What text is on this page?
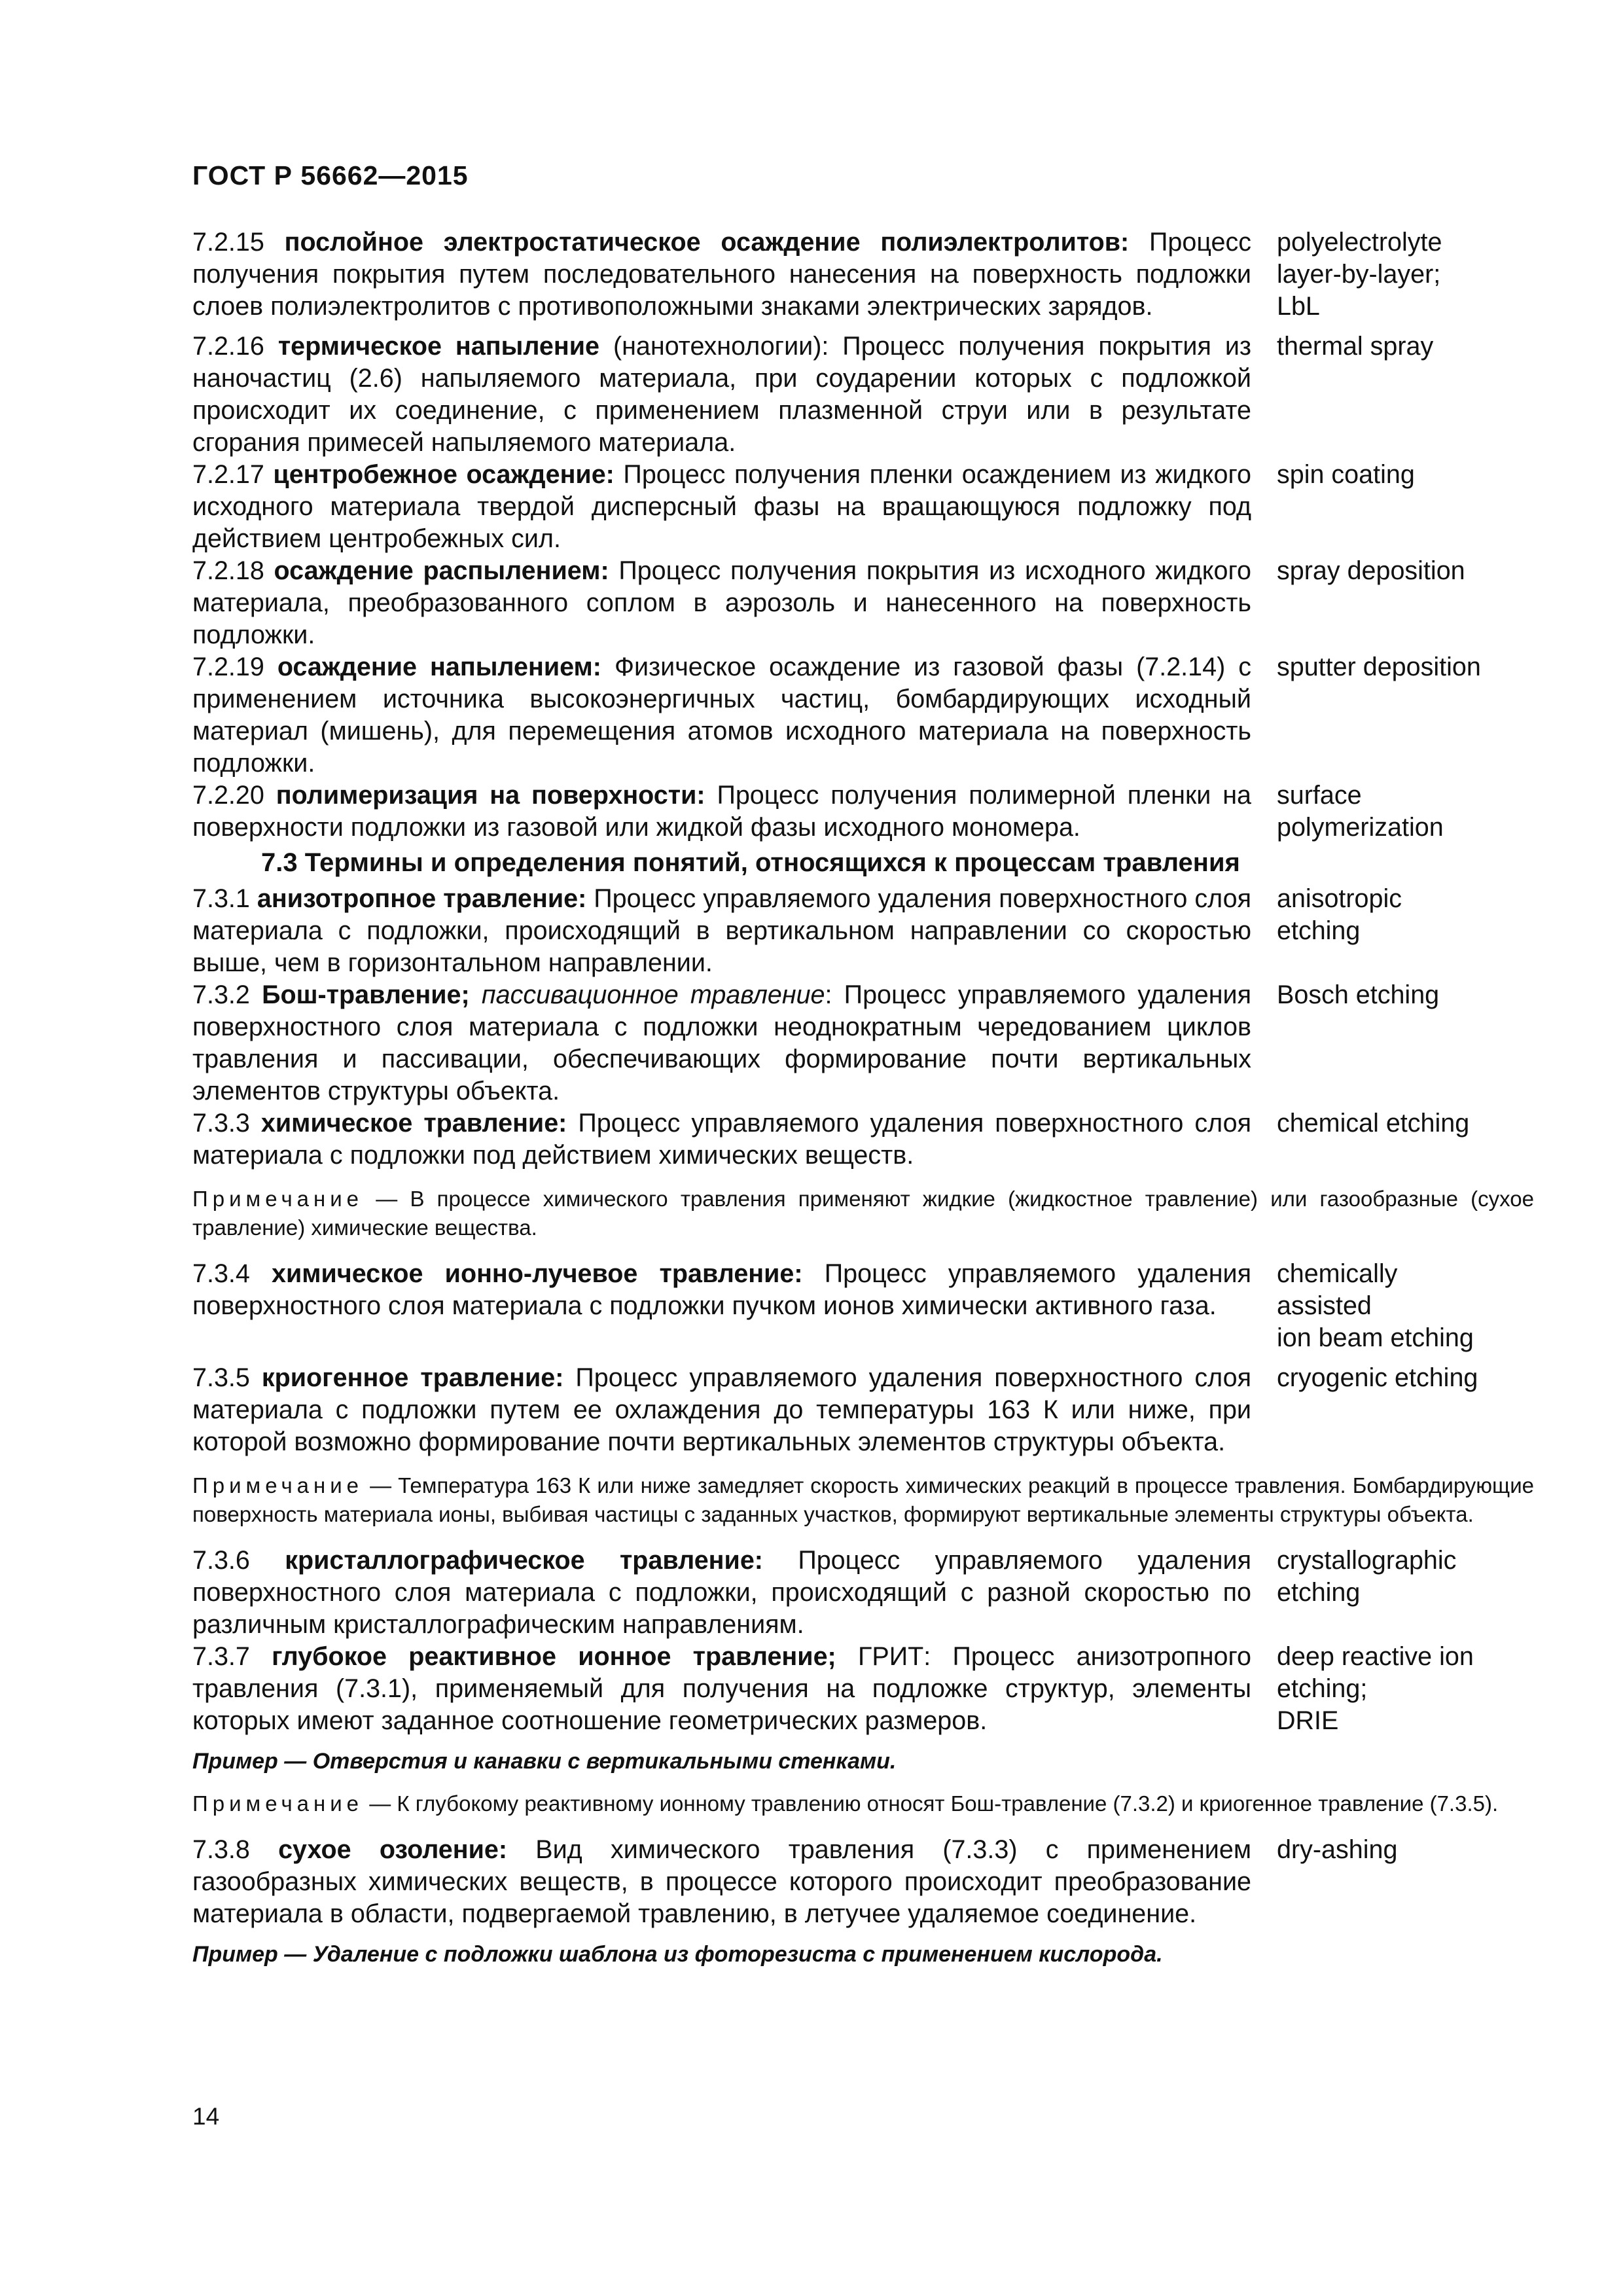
ГОСТ Р 56662—2015
7.2.15 послойное электростатическое осаждение полиэлектролитов: Процесс получения покрытия путем последовательного нанесения на поверхность подложки слоев полиэлектролитов с противоположными знаками электрических зарядов.
polyelectrolyte
layer-by-layer;
LbL
7.2.16 термическое напыление (нанотехнологии): Процесс получения покрытия из наночастиц (2.6) напыляемого материала, при соударении которых с подложкой происходит их соединение, с применением плазменной струи или в результате сгорания примесей напыляемого материала.
thermal spray
7.2.17 центробежное осаждение: Процесс получения пленки осаждением из жидкого исходного материала твердой дисперсный фазы на вращающуюся подложку под действием центробежных сил.
spin coating
7.2.18 осаждение распылением: Процесс получения покрытия из исходного жидкого материала, преобразованного соплом в аэрозоль и нанесенного на поверхность подложки.
spray deposition
7.2.19 осаждение напылением: Физическое осаждение из газовой фазы (7.2.14) с применением источника высокоэнергичных частиц, бомбардирующих исходный материал (мишень), для перемещения атомов исходного материала на поверхность подложки.
sputter deposition
7.2.20 полимеризация на поверхности: Процесс получения полимерной пленки на поверхности подложки из газовой или жидкой фазы исходного мономера.
surface
polymerization
7.3 Термины и определения понятий, относящихся к процессам травления
7.3.1 анизотропное травление: Процесс управляемого удаления поверхностного слоя материала с подложки, происходящий в вертикальном направлении со скоростью выше, чем в горизонтальном направлении.
anisotropic
etching
7.3.2 Бош-травление; пассивационное травление: Процесс управляемого удаления поверхностного слоя материала с подложки неоднократным чередованием циклов травления и пассивации, обеспечивающих формирование почти вертикальных элементов структуры объекта.
Bosch etching
7.3.3 химическое травление: Процесс управляемого удаления поверхностного слоя материала с подложки под действием химических веществ.
chemical etching
Примечание — В процессе химического травления применяют жидкие (жидкостное травление) или газообразные (сухое травление) химические вещества.
7.3.4 химическое ионно-лучевое травление: Процесс управляемого удаления поверхностного слоя материала с подложки пучком ионов химически активного газа.
chemically
assisted
ion beam etching
7.3.5 криогенное травление: Процесс управляемого удаления поверхностного слоя материала с подложки путем ее охлаждения до температуры 163 К или ниже, при которой возможно формирование почти вертикальных элементов структуры объекта.
cryogenic etching
Примечание — Температура 163 К или ниже замедляет скорость химических реакций в процессе травления. Бомбардирующие поверхность материала ионы, выбивая частицы с заданных участков, формируют вертикальные элементы структуры объекта.
7.3.6 кристаллографическое травление: Процесс управляемого удаления поверхностного слоя материала с подложки, происходящий с разной скоростью по различным кристаллографическим направлениям.
crystallographic
etching
7.3.7 глубокое реактивное ионное травление; ГРИТ: Процесс анизотропного травления (7.3.1), применяемый для получения на подложке структур, элементы которых имеют заданное соотношение геометрических размеров.
deep reactive ion
etching;
DRIE
Пример — Отверстия и канавки с вертикальными стенками.
Примечание — К глубокому реактивному ионному травлению относят Бош-травление (7.3.2) и криогенное травление (7.3.5).
7.3.8 сухое озоление: Вид химического травления (7.3.3) с применением газообразных химических веществ, в процессе которого происходит преобразование материала в области, подвергаемой травлению, в летучее удаляемое соединение.
dry-ashing
Пример — Удаление с подложки шаблона из фоторезиста с применением кислорода.
14
